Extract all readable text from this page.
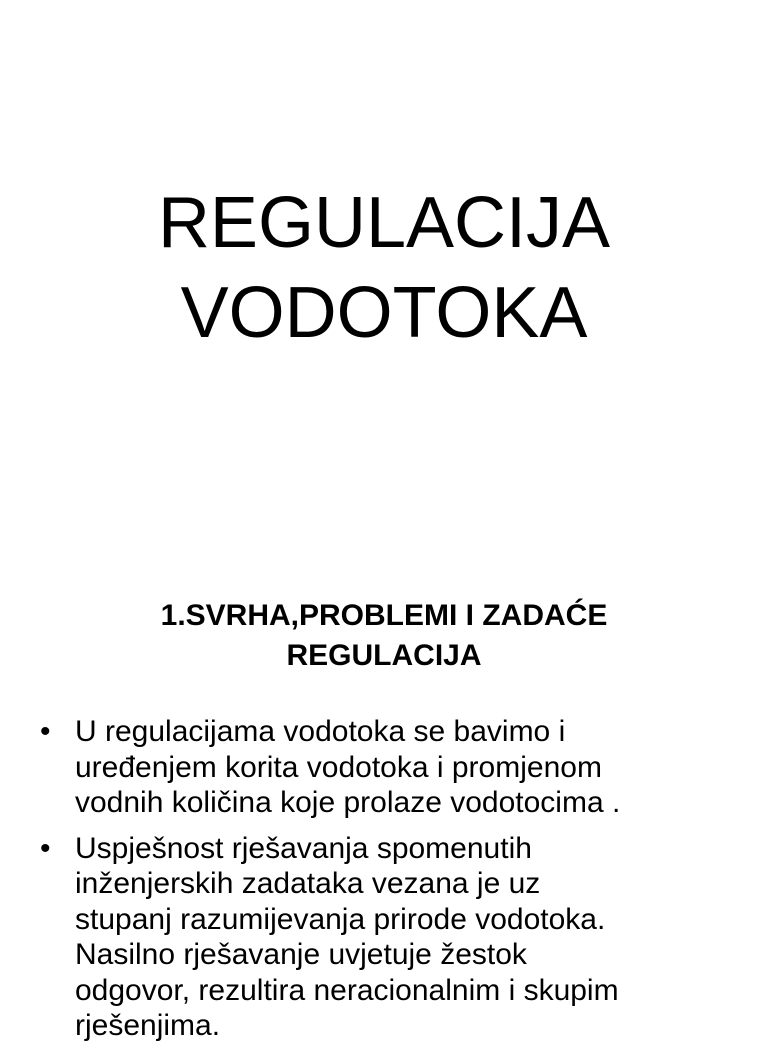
REGULACIJA
VODOTOKA
1.SVRHA,PROBLEMI I ZADAĆE
REGULACIJA
• U regulacijama vodotoka se bavimo i
uređenjem korita vodotoka i promjenom
vodnih količina koje prolaze vodotocima .
• Uspješnost rješavanja spomenutih
inženjerskih zadataka vezana je uz
stupanj razumijevanja prirode vodotoka.
Nasilno rješavanje uvjetuje žestok
odgovor, rezultira neracionalnim i skupim
rješenjima.
